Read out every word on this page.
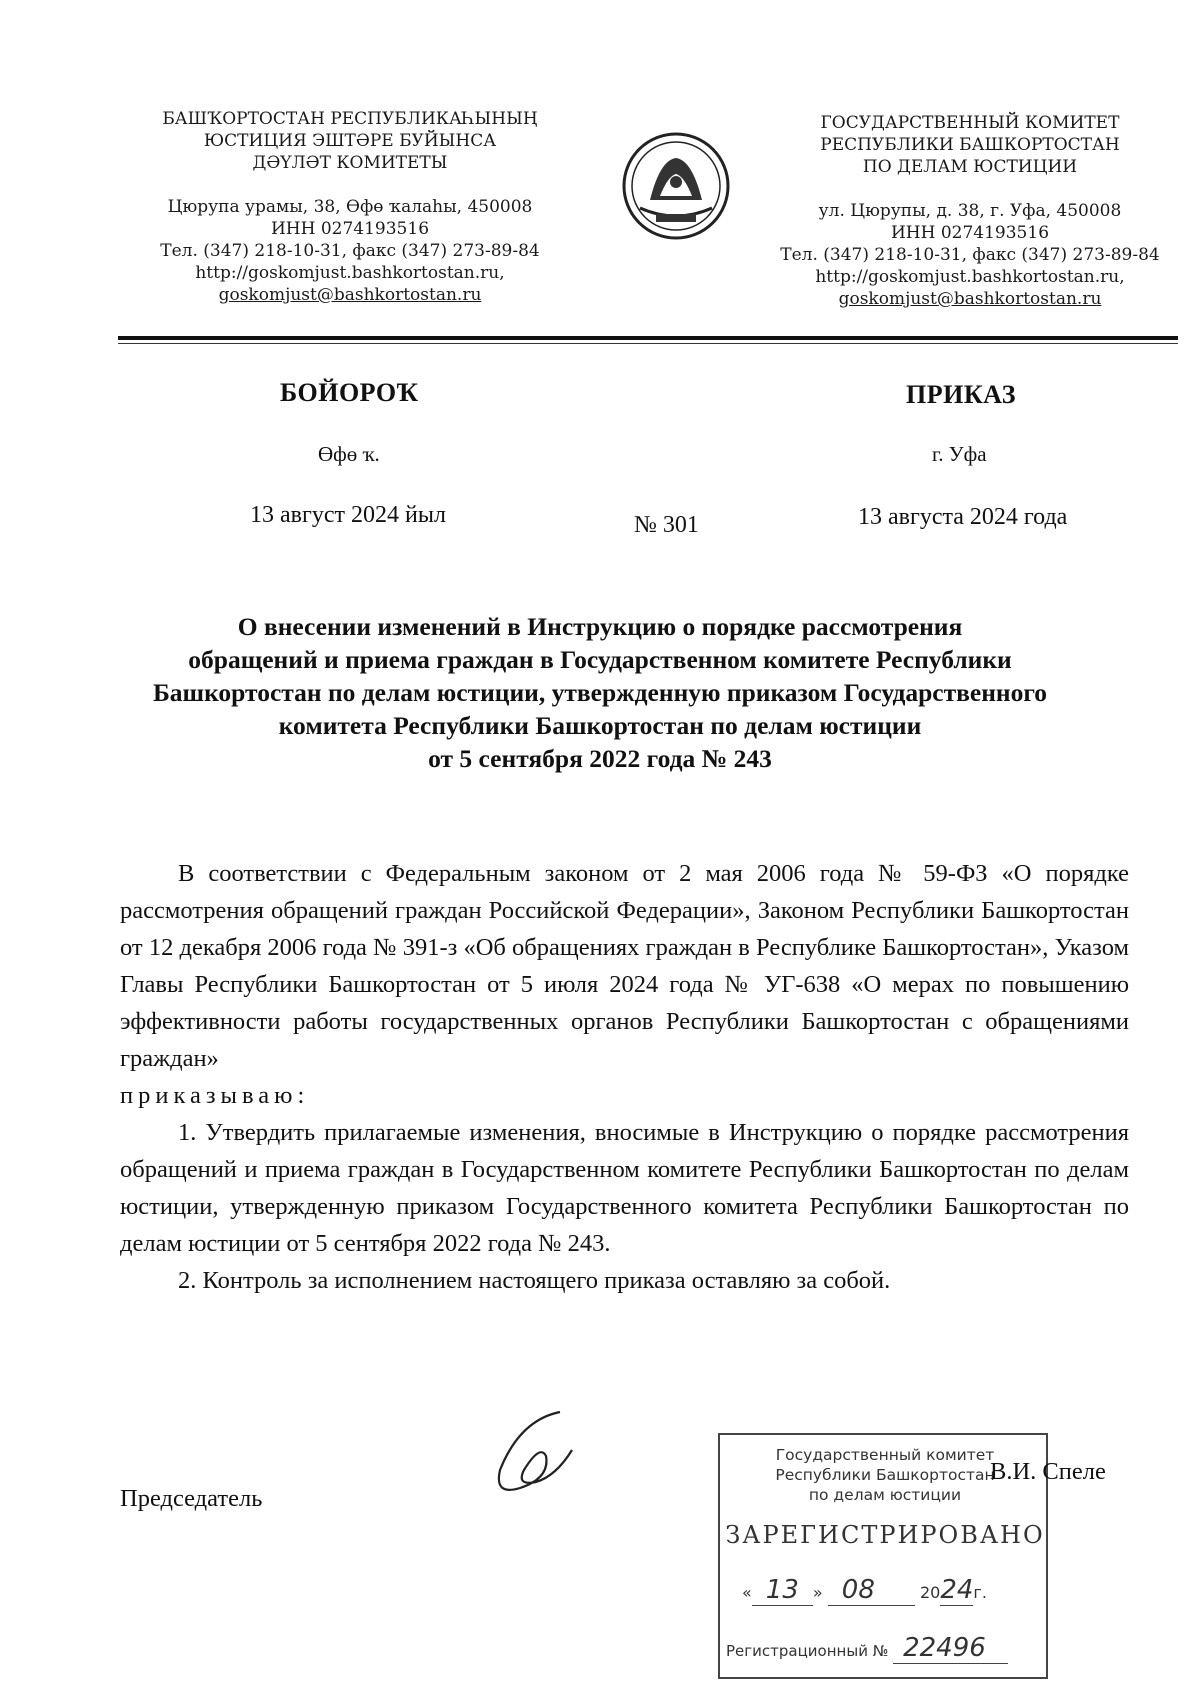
БАШҠОРТОСТАН РЕСПУБЛИКАҺЫНЫҢ
ЮСТИЦИЯ ЭШТӘРЕ БУЙЫНСА
ДӘҮЛӘТ КОМИТЕТЫ
Цюрупа урамы, 38, Өфө ҡалаһы, 450008
ИНН 0274193516
Тел. (347) 218-10-31, факс (347) 273-89-84
http://goskomjust.bashkortostan.ru,
goskomjust@bashkortostan.ru
ГОСУДАРСТВЕННЫЙ КОМИТЕТ
РЕСПУБЛИКИ БАШКОРТОСТАН
ПО ДЕЛАМ ЮСТИЦИИ
ул. Цюрупы, д. 38, г. Уфа, 450008
ИНН 0274193516
Тел. (347) 218-10-31, факс (347) 273-89-84
http://goskomjust.bashkortostan.ru,
goskomjust@bashkortostan.ru
БОЙОРОҠ	ПРИКАЗ
Өфө ҡ.	г. Уфа
13 август 2024 йыл	№ 301	13 августа 2024 года
О внесении изменений в Инструкцию о порядке рассмотрения
обращений и приема граждан в Государственном комитете Республики
Башкортостан по делам юстиции, утвержденную приказом Государственного
комитета Республики Башкортостан по делам юстиции
от 5 сентября 2022 года № 243

В соответствии с Федеральным законом от 2 мая 2006 года № 59-ФЗ «О порядке рассмотрения обращений граждан Российской Федерации», Законом Республики Башкортостан от 12 декабря 2006 года № 391-з «Об обращениях граждан в Республике Башкортостан», Указом Главы Республики Башкортостан от 5 июля 2024 года № УГ-638 «О мерах по повышению эффективности работы государственных органов Республики Башкортостан с обращениями граждан»

приказываю:

1. Утвердить прилагаемые изменения, вносимые в Инструкцию о порядке рассмотрения обращений и приема граждан в Государственном комитете Республики Башкортостан по делам юстиции, утвержденную приказом Государственного комитета Республики Башкортостан по делам юстиции от 5 сентября 2022 года № 243.

2. Контроль за исполнением настоящего приказа оставляю за собой.

Председатель
Государственный комитет
Республики Башкортостан
по делам юстиции
ЗАРЕГИСТРИРОВАНО
« 13 » 08	2024г.
Регистрационный № 22496
В.И. Спеле
